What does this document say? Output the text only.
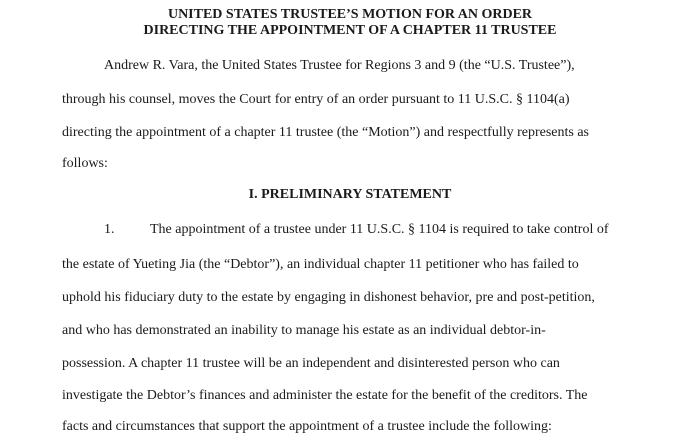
UNITED STATES TRUSTEE’S MOTION FOR AN ORDER
DIRECTING THE APPOINTMENT OF A CHAPTER 11 TRUSTEE
Andrew R. Vara, the United States Trustee for Regions 3 and 9 (the “U.S. Trustee”),
through his counsel, moves the Court for entry of an order pursuant to 11 U.S.C. § 1104(a)
directing the appointment of a chapter 11 trustee (the “Motion”) and respectfully represents as
follows:
I. PRELIMINARY STATEMENT
1.	The appointment of a trustee under 11 U.S.C. § 1104 is required to take control of
the estate of Yueting Jia (the “Debtor”), an individual chapter 11 petitioner who has failed to
uphold his fiduciary duty to the estate by engaging in dishonest behavior, pre and post-petition,
and who has demonstrated an inability to manage his estate as an individual debtor-in-
possession. A chapter 11 trustee will be an independent and disinterested person who can
investigate the Debtor’s finances and administer the estate for the benefit of the creditors. The
facts and circumstances that support the appointment of a trustee include the following:
